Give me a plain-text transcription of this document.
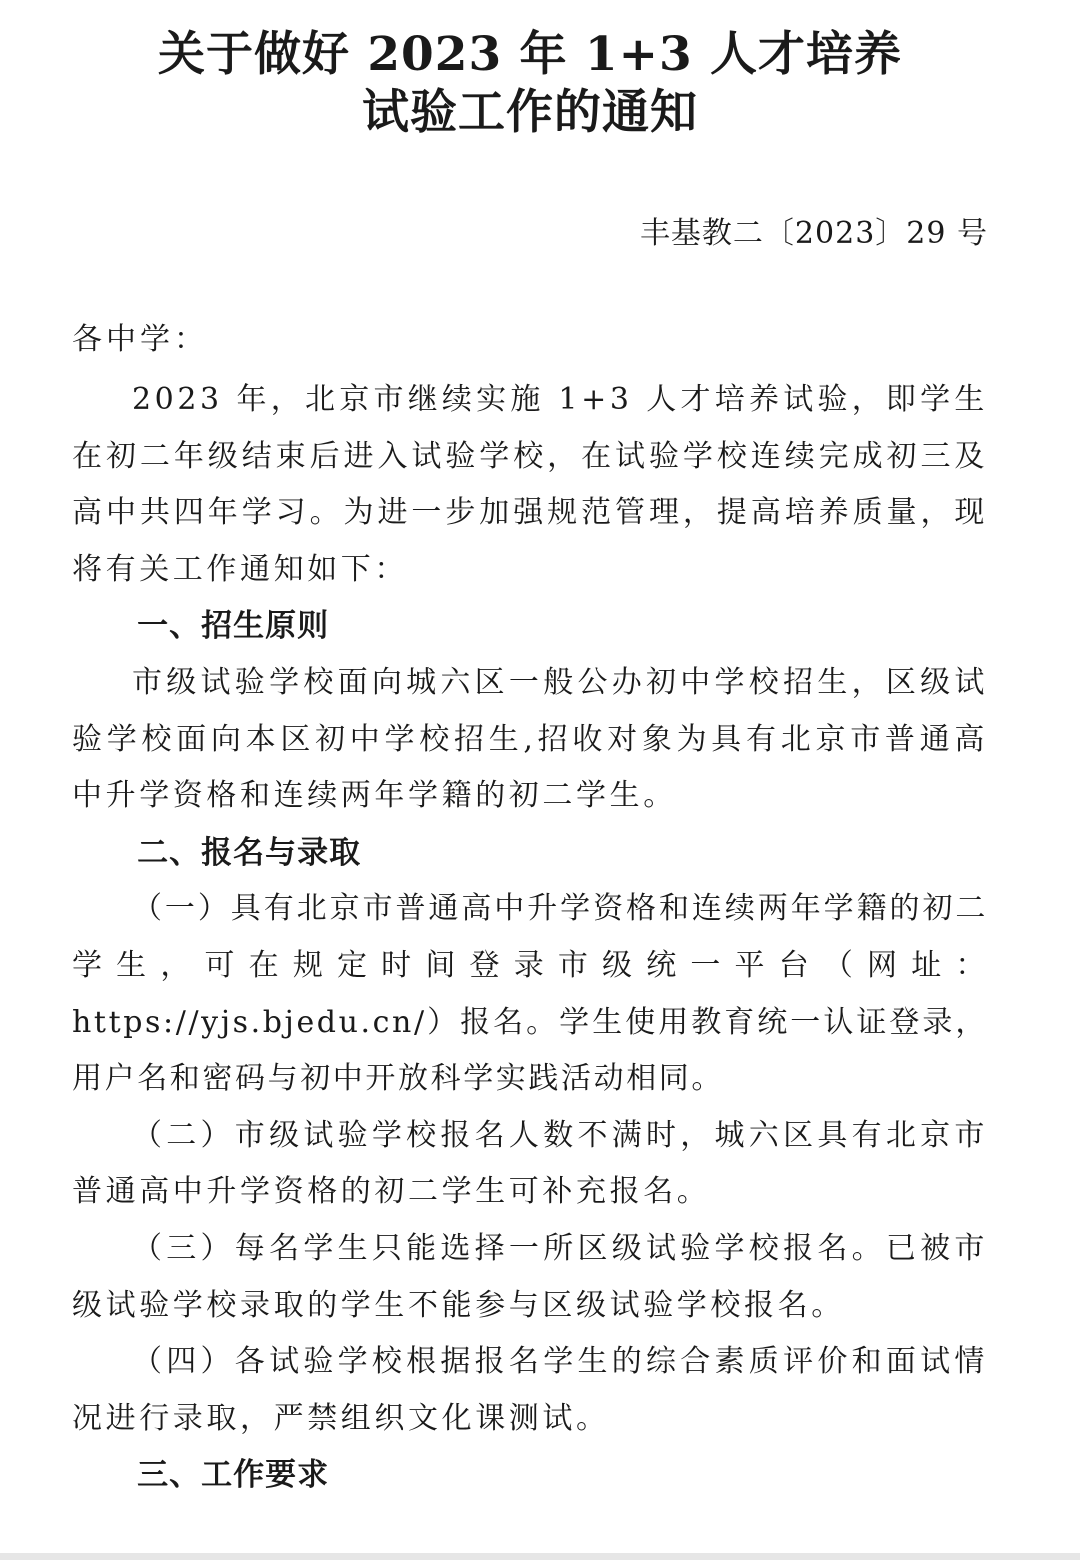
关于做好 2023 年 1+3 人才培养
试验工作的通知
丰基教二〔2023〕29 号
各中学：

2023 年，北京市继续实施 1+3 人才培养试验，即学生在初二年级结束后进入试验学校，在试验学校连续完成初三及高中共四年学习。为进一步加强规范管理，提高培养质量，现将有关工作通知如下：

一、招生原则

市级试验学校面向城六区一般公办初中学校招生，区级试验学校面向本区初中学校招生,招收对象为具有北京市普通高中升学资格和连续两年学籍的初二学生。

二、报名与录取

（一）具有北京市普通高中升学资格和连续两年学籍的初二学生，可在规定时间登录市级统一平台（网址：https://yjs.bjedu.cn/）报名。学生使用教育统一认证登录，用户名和密码与初中开放科学实践活动相同。

（二）市级试验学校报名人数不满时，城六区具有北京市普通高中升学资格的初二学生可补充报名。

（三）每名学生只能选择一所区级试验学校报名。已被市级试验学校录取的学生不能参与区级试验学校报名。

（四）各试验学校根据报名学生的综合素质评价和面试情况进行录取，严禁组织文化课测试。

三、工作要求
